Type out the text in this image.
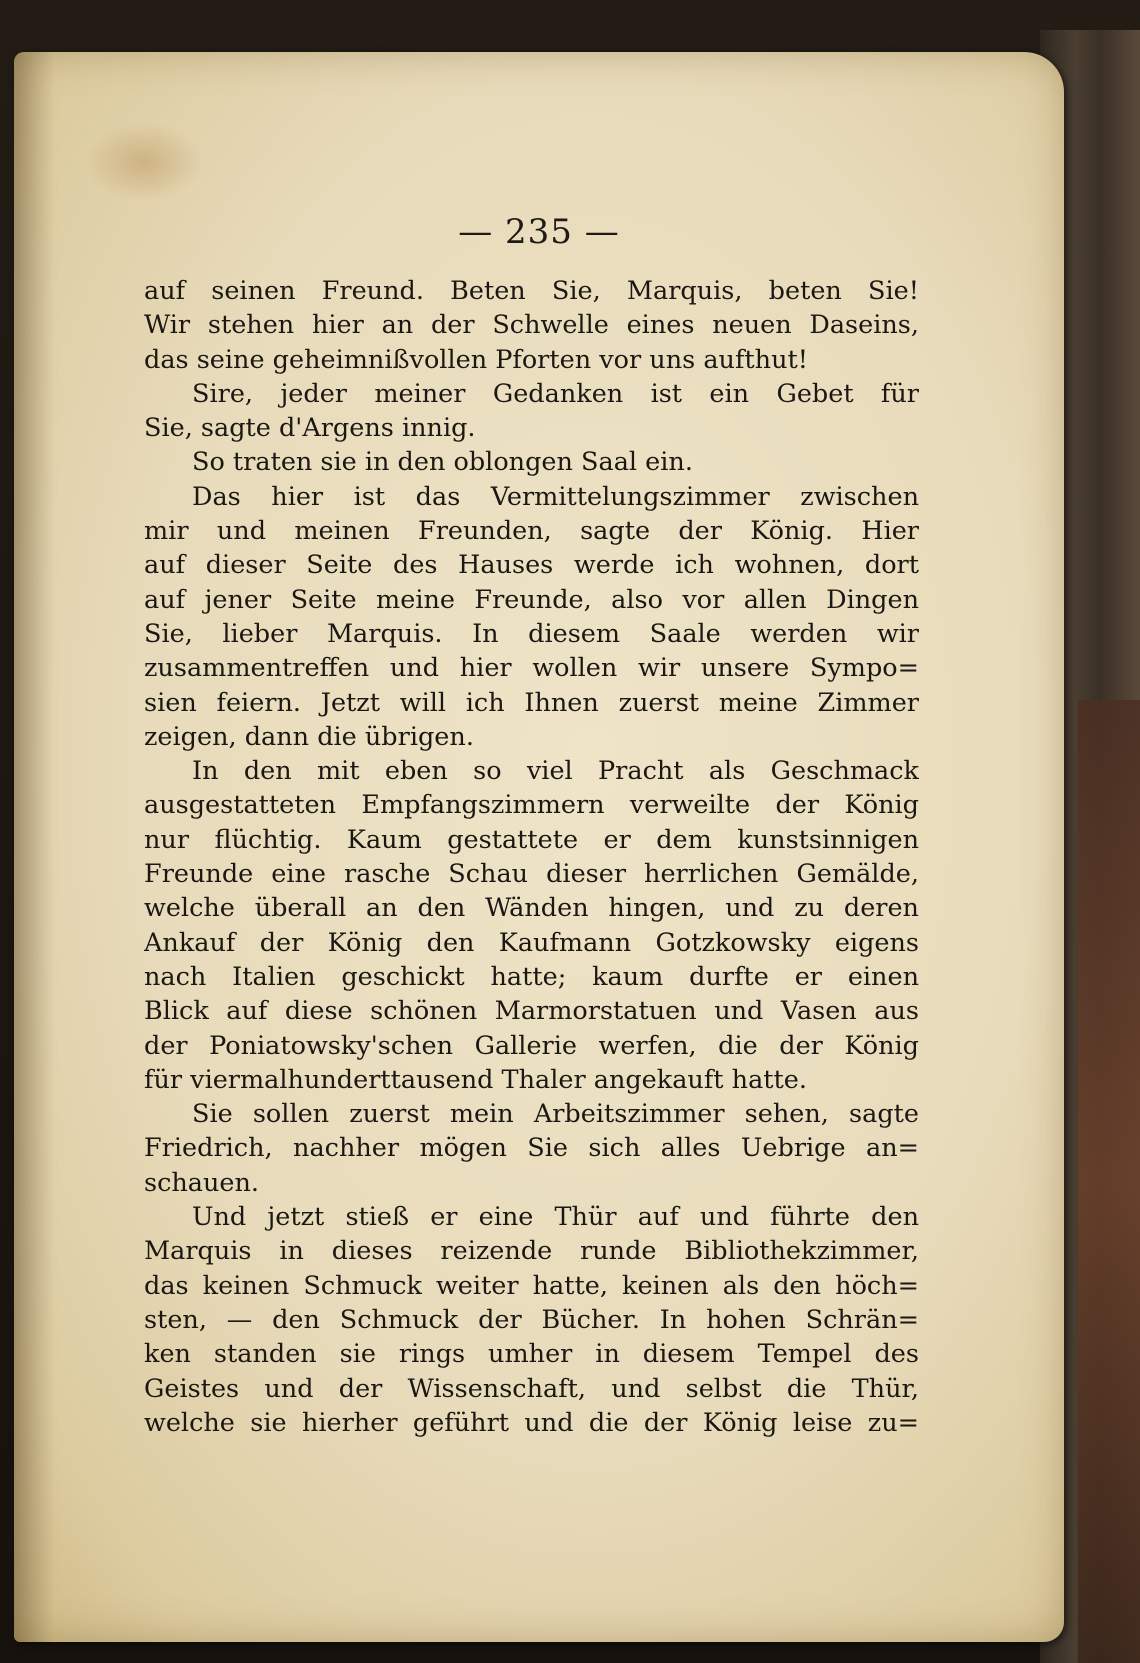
— 235 —
auf seinen Freund. Beten Sie, Marquis, beten Sie!
Wir stehen hier an der Schwelle eines neuen Daseins,
das seine geheimnißvollen Pforten vor uns aufthut!
Sire, jeder meiner Gedanken ist ein Gebet für
Sie, sagte d'Argens innig.
So traten sie in den oblongen Saal ein.
Das hier ist das Vermittelungszimmer zwischen
mir und meinen Freunden, sagte der König. Hier
auf dieser Seite des Hauses werde ich wohnen, dort
auf jener Seite meine Freunde, also vor allen Dingen
Sie, lieber Marquis. In diesem Saale werden wir
zusammentreffen und hier wollen wir unsere Sympo=
sien feiern. Jetzt will ich Ihnen zuerst meine Zimmer
zeigen, dann die übrigen.
In den mit eben so viel Pracht als Geschmack
ausgestatteten Empfangszimmern verweilte der König
nur flüchtig. Kaum gestattete er dem kunstsinnigen
Freunde eine rasche Schau dieser herrlichen Gemälde,
welche überall an den Wänden hingen, und zu deren
Ankauf der König den Kaufmann Gotzkowsky eigens
nach Italien geschickt hatte; kaum durfte er einen
Blick auf diese schönen Marmorstatuen und Vasen aus
der Poniatowsky'schen Gallerie werfen, die der König
für viermalhunderttausend Thaler angekauft hatte.
Sie sollen zuerst mein Arbeitszimmer sehen, sagte
Friedrich, nachher mögen Sie sich alles Uebrige an=
schauen.
Und jetzt stieß er eine Thür auf und führte den
Marquis in dieses reizende runde Bibliothekzimmer,
das keinen Schmuck weiter hatte, keinen als den höch=
sten, — den Schmuck der Bücher. In hohen Schrän=
ken standen sie rings umher in diesem Tempel des
Geistes und der Wissenschaft, und selbst die Thür,
welche sie hierher geführt und die der König leise zu=
